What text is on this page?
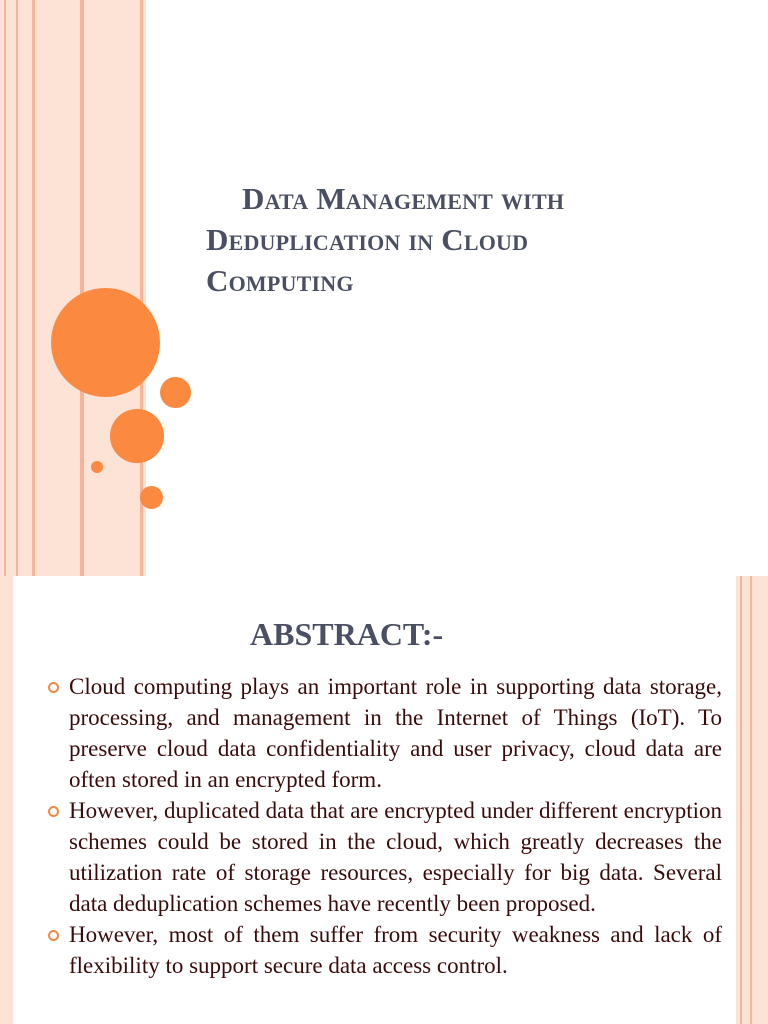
Data Management with
Deduplication in Cloud
Computing
ABSTRACT:-
Cloud computing plays an important role in supporting data storage, processing, and management in the Internet of Things (IoT). To preserve cloud data confidentiality and user privacy, cloud data are often stored in an encrypted form.
However, duplicated data that are encrypted under different encryption schemes could be stored in the cloud, which greatly decreases the utilization rate of storage resources, especially for big data. Several data deduplication schemes have recently been proposed.
However, most of them suffer from security weakness and lack of flexibility to support secure data access control.
